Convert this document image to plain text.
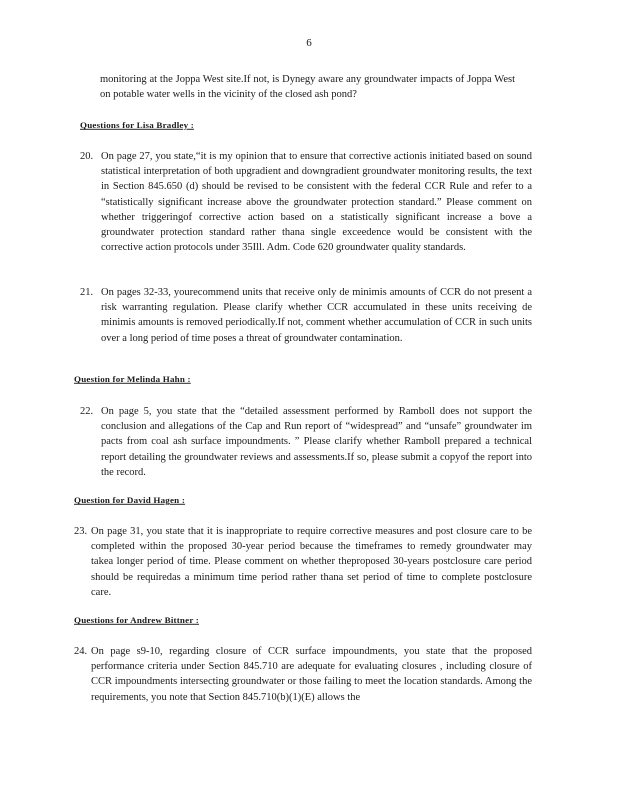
6

monitoring at the Joppa West site.If not, is Dynegy aware any groundwater impacts of Joppa West on potable water wells in the vicinity of the closed ash pond?

Questions for Lisa Bradley :
20. On page 27, you state,“it is my opinion that to ensure that corrective actionis initiated based on sound statistical interpretation of both upgradient and downgradient groundwater monitoring results, the text in Section 845.650 (d) should be revised to be consistent with the federal CCR Rule and refer to a “statistically significant increase above the groundwater protection standard.” Please comment on whether triggeringof corrective action based on a statistically significant increase a bove a groundwater protection standard rather thana single exceedence would be consistent with the corrective action protocols under 35Ill. Adm. Code 620 groundwater quality standards.
21. On pages 32-33, yourecommend units that receive only de minimis amounts of CCR do not present a risk warranting regulation. Please clarify whether CCR accumulated in these units receiving de minimis amounts is removed periodically.If not, comment whether accumulation of CCR in such units over a long period of time poses a threat of groundwater contamination.
Question for Melinda Hahn :
22. On page 5, you state that the “detailed assessment performed by Ramboll does not support the conclusion and allegations of the Cap and Run report of “widespread” and “unsafe” groundwater im pacts from coal ash surface impoundments. ” Please clarify whether Ramboll prepared a technical report detailing the groundwater reviews and assessments.If so, please submit a copyof the report into the record.
Question for David Hagen :
23. On page 31, you state that it is inappropriate to require corrective measures and post closure care to be completed within the proposed 30-year period because the timeframes to remedy groundwater may takea longer period of time. Please comment on whether theproposed 30-years postclosure care period should be requiredas a minimum time period rather thana set period of time to complete postclosure care.
Questions for Andrew Bittner :
24. On page s9-10, regarding closure of CCR surface impoundments, you state that the proposed performance criteria under Section 845.710 are adequate for evaluating closures , including closure of CCR impoundments intersecting groundwater or those failing to meet the location standards. Among the requirements, you note that Section 845.710(b)(1)(E) allows the
